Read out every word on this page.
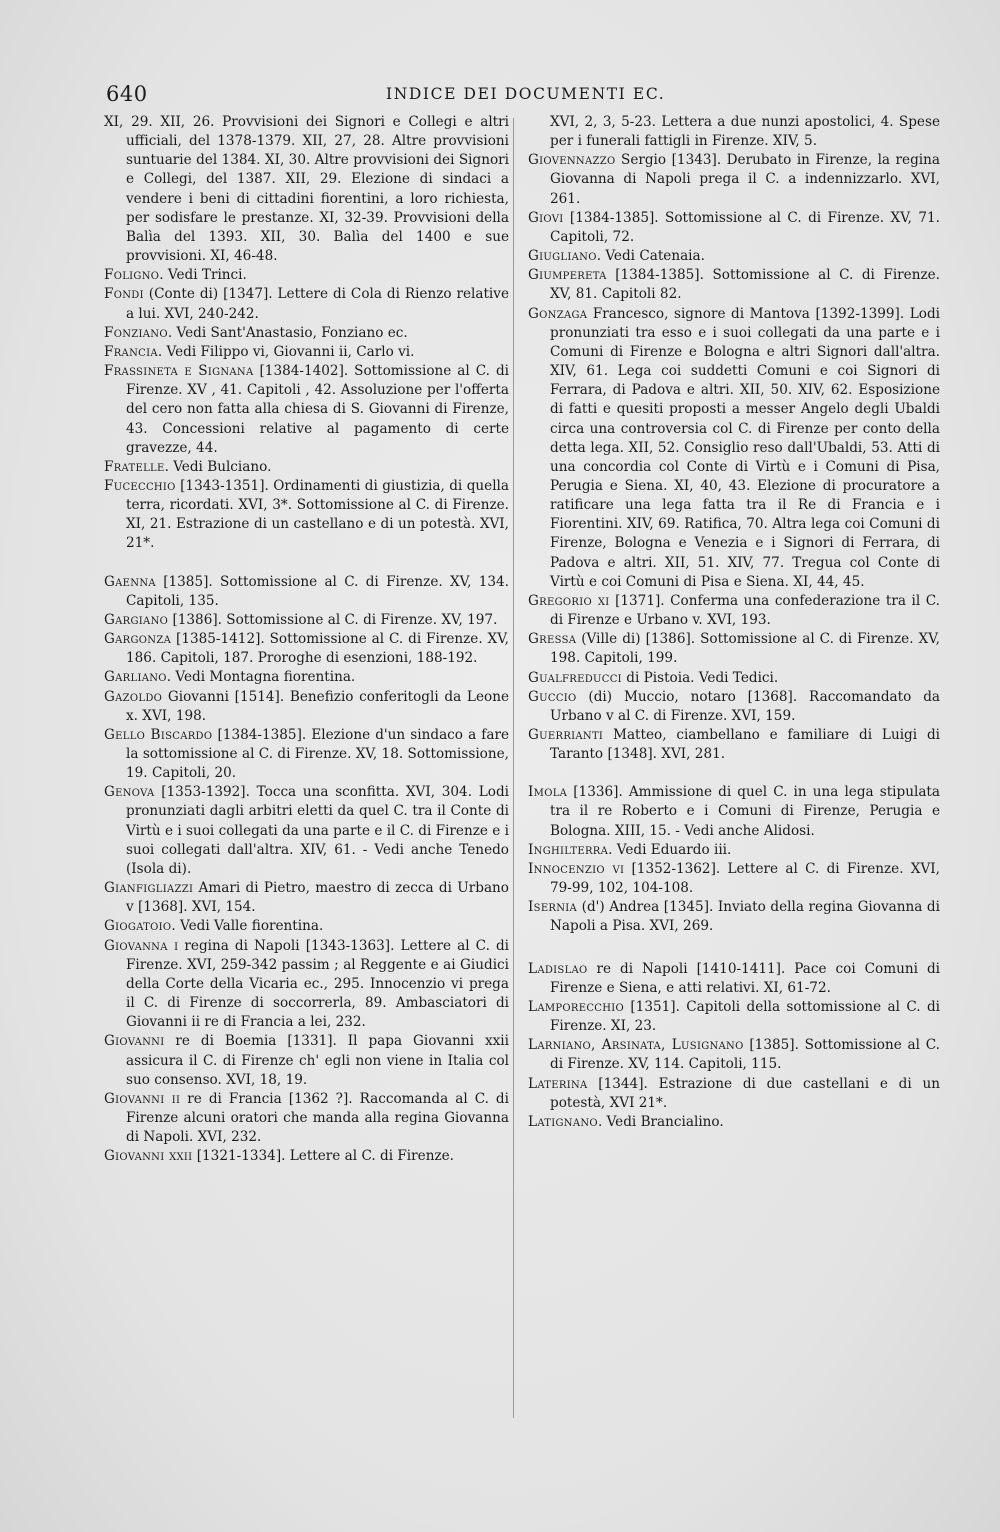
640	INDICE DEI DOCUMENTI EC.

XI, 29. XII, 26. Provvisioni dei Signori e Collegi e altri ufficiali, del 1378-1379. XII, 27, 28. Altre provvisioni suntuarie del 1384. XI, 30. Altre provvisioni dei Signori e Collegi, del 1387. XII, 29. Elezione di sindaci a vendere i beni di cittadini fiorentini, a loro richiesta, per sodisfare le prestanze. XI, 32-39. Provvisioni della Balìa del 1393. XII, 30. Balìa del 1400 e sue provvisioni. XI, 46-48.

Foligno. Vedi Trinci.

Fondi (Conte di) [1347]. Lettere di Cola di Rienzo relative a lui. XVI, 240-242.

Fonziano. Vedi Sant'Anastasio, Fonziano ec.

Francia. Vedi Filippo vi, Giovanni ii, Carlo vi.

Frassineta e Signana [1384-1402]. Sottomissione al C. di Firenze. XV , 41. Capitoli , 42. Assoluzione per l'offerta del cero non fatta alla chiesa di S. Giovanni di Firenze, 43. Concessioni relative al pagamento di certe gravezze, 44.

Fratelle. Vedi Bulciano.

Fucecchio [1343-1351]. Ordinamenti di giustizia, di quella terra, ricordati. XVI, 3*. Sottomissione al C. di Firenze. XI, 21. Estrazione di un castellano e di un potestà. XVI, 21*.

Gaenna [1385]. Sottomissione al C. di Firenze. XV, 134. Capitoli, 135.

Gargiano [1386]. Sottomissione al C. di Firenze. XV, 197.

Gargonza [1385-1412]. Sottomissione al C. di Firenze. XV, 186. Capitoli, 187. Proroghe di esenzioni, 188-192.

Garliano. Vedi Montagna fiorentina.

Gazoldo Giovanni [1514]. Benefizio conferitogli da Leone x. XVI, 198.

Gello Biscardo [1384-1385]. Elezione d'un sindaco a fare la sottomissione al C. di Firenze. XV, 18. Sottomissione, 19. Capitoli, 20.

Genova [1353-1392]. Tocca una sconfitta. XVI, 304. Lodi pronunziati dagli arbitri eletti da quel C. tra il Conte di Virtù e i suoi collegati da una parte e il C. di Firenze e i suoi collegati dall'altra. XIV, 61. - Vedi anche Tenedo (Isola di).

Gianfigliazzi Amari di Pietro, maestro di zecca di Urbano v [1368]. XVI, 154.

Giogatoio. Vedi Valle fiorentina.

Giovanna i regina di Napoli [1343-1363]. Lettere al C. di Firenze. XVI, 259-342 passim ; al Reggente e ai Giudici della Corte della Vicaria ec., 295. Innocenzio vi prega il C. di Firenze di soccorrerla, 89. Ambasciatori di Giovanni ii re di Francia a lei, 232.

Giovanni re di Boemia [1331]. Il papa Giovanni xxii assicura il C. di Firenze ch' egli non viene in Italia col suo consenso. XVI, 18, 19.

Giovanni ii re di Francia [1362 ?]. Raccomanda al C. di Firenze alcuni oratori che manda alla regina Giovanna di Napoli. XVI, 232.

Giovanni xxii [1321-1334]. Lettere al C. di Firenze.

XVI, 2, 3, 5-23. Lettera a due nunzi apostolici, 4. Spese per i funerali fattigli in Firenze. XIV, 5.

Giovennazzo Sergio [1343]. Derubato in Firenze, la regina Giovanna di Napoli prega il C. a indennizzarlo. XVI, 261.

Giovi [1384-1385]. Sottomissione al C. di Firenze. XV, 71. Capitoli, 72.

Giugliano. Vedi Catenaia.

Giumpereta [1384-1385]. Sottomissione al C. di Firenze. XV, 81. Capitoli 82.

Gonzaga Francesco, signore di Mantova [1392-1399]. Lodi pronunziati tra esso e i suoi collegati da una parte e i Comuni di Firenze e Bologna e altri Signori dall'altra. XIV, 61. Lega coi suddetti Comuni e coi Signori di Ferrara, di Padova e altri. XII, 50. XIV, 62. Esposizione di fatti e quesiti proposti a messer Angelo degli Ubaldi circa una controversia col C. di Firenze per conto della detta lega. XII, 52. Consiglio reso dall'Ubaldi, 53. Atti di una concordia col Conte di Virtù e i Comuni di Pisa, Perugia e Siena. XI, 40, 43. Elezione di procuratore a ratificare una lega fatta tra il Re di Francia e i Fiorentini. XIV, 69. Ratifica, 70. Altra lega coi Comuni di Firenze, Bologna e Venezia e i Signori di Ferrara, di Padova e altri. XII, 51. XIV, 77. Tregua col Conte di Virtù e coi Comuni di Pisa e Siena. XI, 44, 45.

Gregorio xi [1371]. Conferma una confederazione tra il C. di Firenze e Urbano v. XVI, 193.

Gressa (Ville di) [1386]. Sottomissione al C. di Firenze. XV, 198. Capitoli, 199.

Gualfreducci di Pistoia. Vedi Tedici.

Guccio (di) Muccio, notaro [1368]. Raccomandato da Urbano v al C. di Firenze. XVI, 159.

Guerrianti Matteo, ciambellano e familiare di Luigi di Taranto [1348]. XVI, 281.

Imola [1336]. Ammissione di quel C. in una lega stipulata tra il re Roberto e i Comuni di Firenze, Perugia e Bologna. XIII, 15. - Vedi anche Alidosi.

Inghilterra. Vedi Eduardo iii.

Innocenzio vi [1352-1362]. Lettere al C. di Firenze. XVI, 79-99, 102, 104-108.

Isernia (d') Andrea [1345]. Inviato della regina Giovanna di Napoli a Pisa. XVI, 269.

Ladislao re di Napoli [1410-1411]. Pace coi Comuni di Firenze e Siena, e atti relativi. XI, 61-72.

Lamporecchio [1351]. Capitoli della sottomissione al C. di Firenze. XI, 23.

Larniano, Arsinata, Lusignano [1385]. Sottomissione al C. di Firenze. XV, 114. Capitoli, 115.

Laterina [1344]. Estrazione di due castellani e di un potestà, XVI 21*.

Latignano. Vedi Brancialino.
